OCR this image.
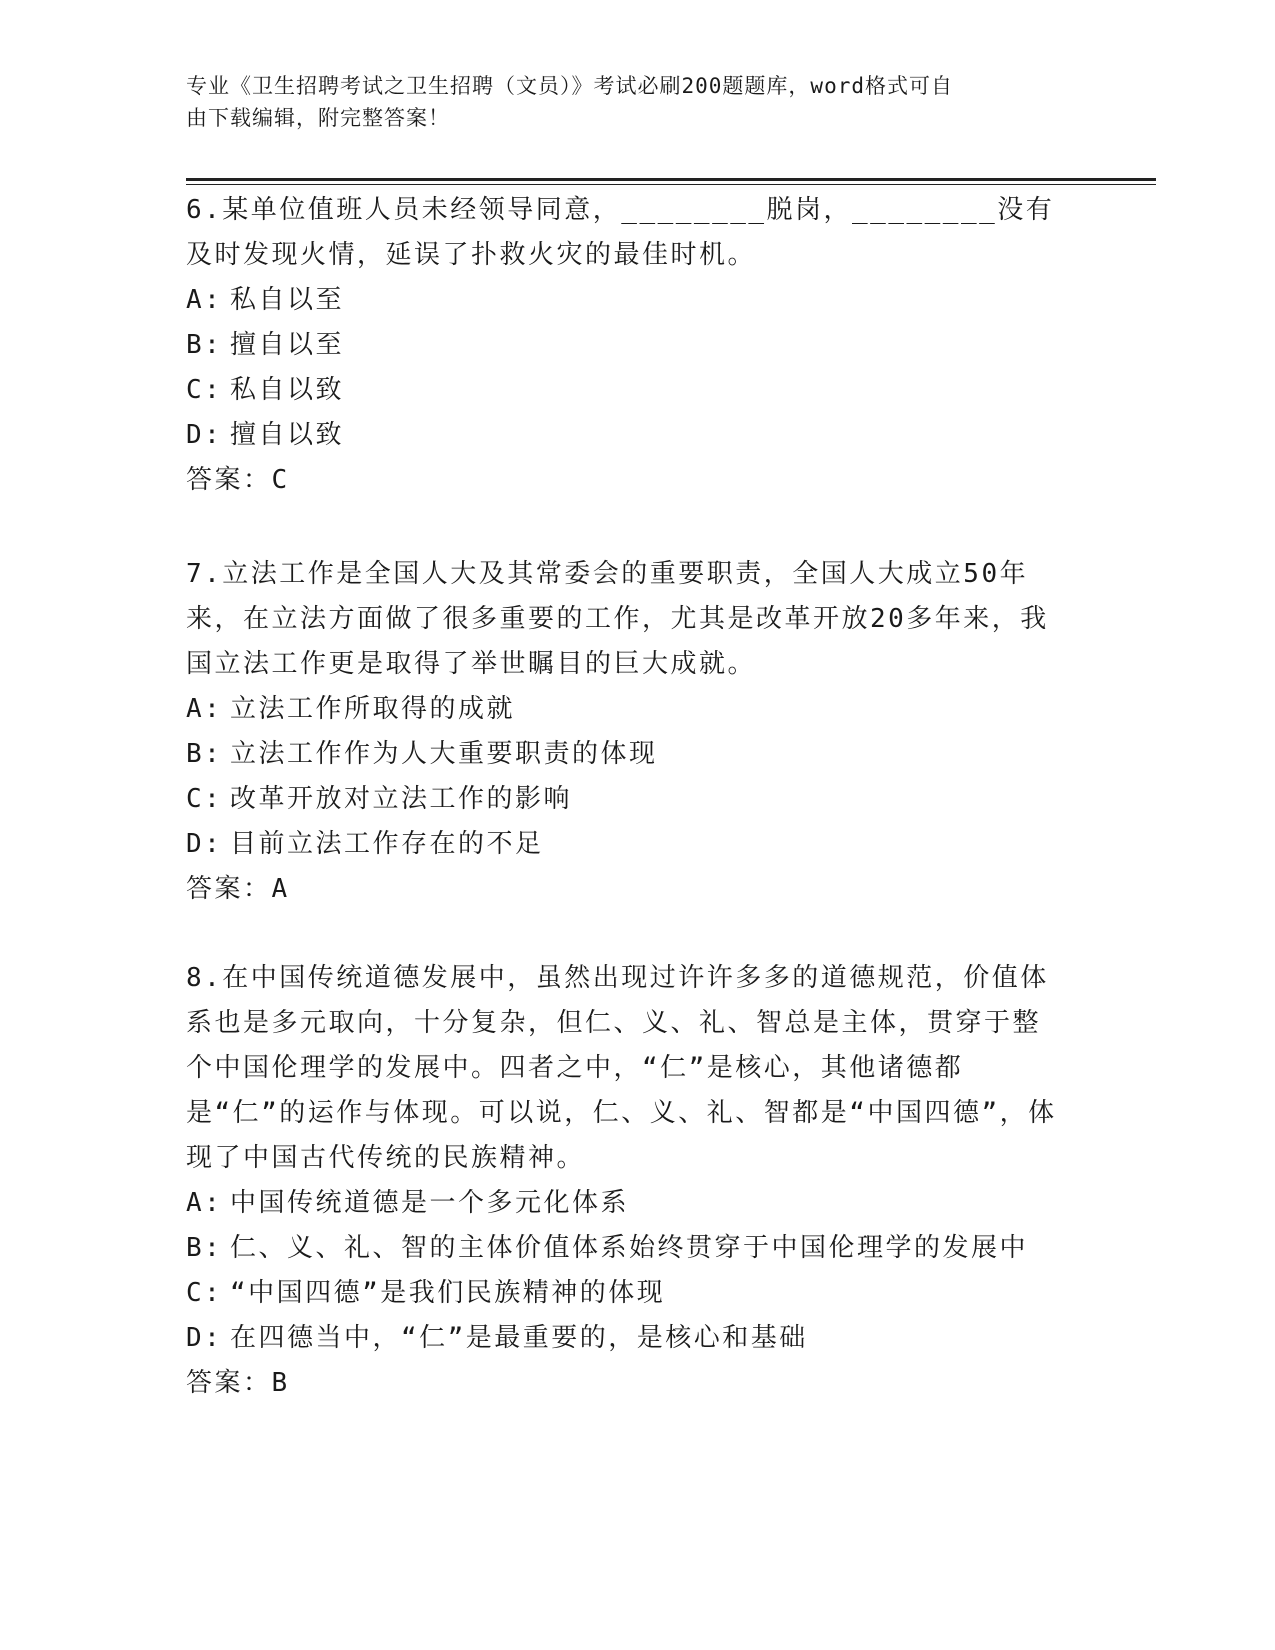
专业《卫生招聘考试之卫生招聘（文员）》考试必刷200题题库，word格式可自
由下载编辑，附完整答案！

6.某单位值班人员未经领导同意，________脱岗，________没有及时发现火情，延误了扑救火灾的最佳时机。

A: 私自以至

B: 擅自以至

C: 私自以致

D: 擅自以致

答案：C

7.立法工作是全国人大及其常委会的重要职责，全国人大成立50年来，在立法方面做了很多重要的工作，尤其是改革开放20多年来，我国立法工作更是取得了举世瞩目的巨大成就。

A: 立法工作所取得的成就

B: 立法工作作为人大重要职责的体现

C: 改革开放对立法工作的影响

D: 目前立法工作存在的不足

答案：A

8.在中国传统道德发展中，虽然出现过许许多多的道德规范，价值体系也是多元取向，十分复杂，但仁、义、礼、智总是主体，贯穿于整个中国伦理学的发展中。四者之中，“仁”是核心，其他诸德都是“仁”的运作与体现。可以说，仁、义、礼、智都是“中国四德”，体现了中国古代传统的民族精神。

A: 中国传统道德是一个多元化体系

B: 仁、义、礼、智的主体价值体系始终贯穿于中国伦理学的发展中

C: “中国四德”是我们民族精神的体现

D: 在四德当中，“仁”是最重要的，是核心和基础

答案：B
